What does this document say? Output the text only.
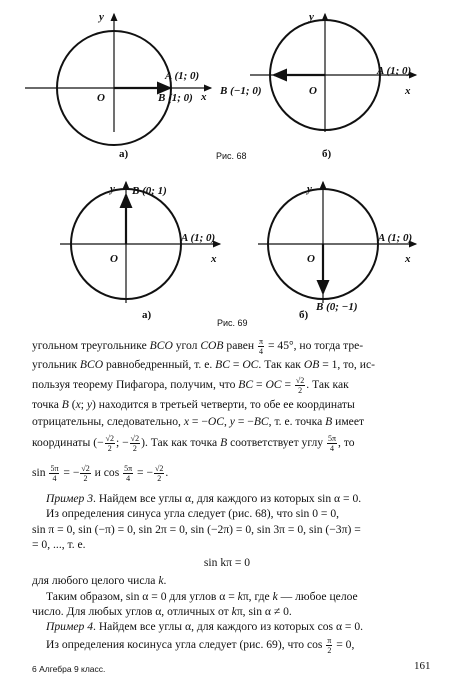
y
x
O
A (1; 0)
B (1; 0)
а)
y
x
O
A (1; 0)
B (−1; 0)
б)
Рис. 68
y
x
O
A (1; 0)
B (0; 1)
а)
y
x
O
A (1; 0)
B (0; −1)
б)
Рис. 69
угольном треугольнике BCO угол COB равен $\frac{\pi}{4} = 45^\circ$, но тогда тре-
угольник BCO равнобедренный, т. е. BC = OC. Так как OB = 1, то, ис-
пользуя теорему Пифагора, получим, что BC = OC = $\frac{√2}{2}$ . Так как
точка B (x; y) находится в третьей четверти, то обе ее координаты
отрицательны, следовательно, x = −OC, y = −BC, т. е. точка B имеет
координаты (− $\frac{√2}{2}$ ; − $\frac{√2}{2}$ ). Так как точка B соответствует углу $\frac{5\pi}{4}$ , то
$\sin \frac{5\pi}{4}$ = − $\frac{√2}{2}$ и $\cos \frac{5\pi}{4}$ = − $\frac{√2}{2}$ .
Пример 3. Найдем все углы α, для каждого из которых sin α = 0.
Из определения синуса угла следует (рис. 68), что sin 0 = 0,
sin π = 0, sin (−π) = 0, sin 2π = 0, sin (−2π) = 0, sin 3π = 0, sin (−3π) =
= 0, ..., т. е.
sin kπ = 0
для любого целого числа k.
Таким образом, sin α = 0 для углов α = kπ, где k — любое целое
число. Для любых углов α, отличных от kπ, sin α ≠ 0.
Пример 4. Найдем все углы α, для каждого из которых cos α = 0.
Из определения косинуса угла следует (рис. 69), что $\cos \frac{\pi}{2} = 0$,
6 Алгебра 9 класс.	161
